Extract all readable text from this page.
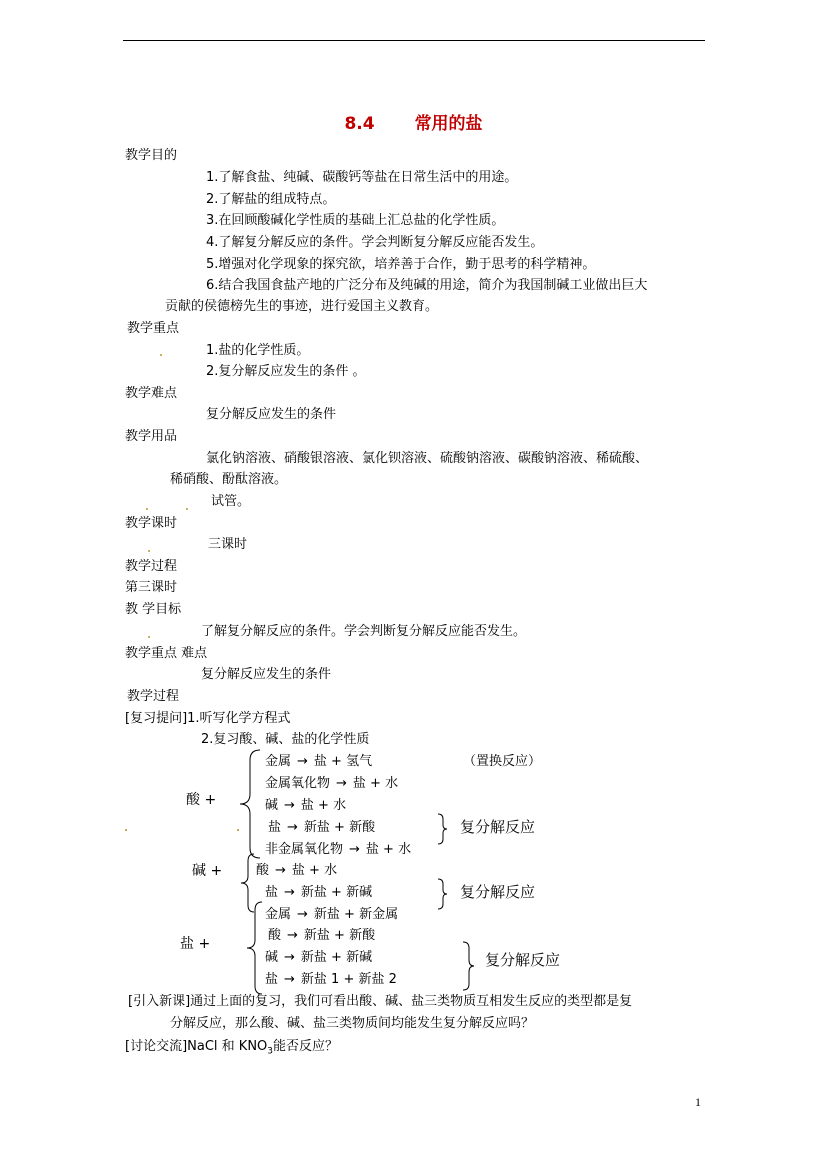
8.4 常用的盐
教学目的
1.了解食盐、纯碱、碳酸钙等盐在日常生活中的用途。
2.了解盐的组成特点。
3.在回顾酸碱化学性质的基础上汇总盐的化学性质。
4.了解复分解反应的条件。学会判断复分解反应能否发生。
5.增强对化学现象的探究欲，培养善于合作，勤于思考的科学精神。
6.结合我国食盐产地的广泛分布及纯碱的用途，简介为我国制碱工业做出巨大
贡献的侯德榜先生的事迹，进行爱国主义教育。
教学重点
1.盐的化学性质。
2.复分解反应发生的条件 。
教学难点
复分解反应发生的条件
教学用品
氯化钠溶液、硝酸银溶液、氯化钡溶液、硫酸钠溶液、碳酸钠溶液、稀硫酸、
稀硝酸、酚酞溶液。
试管。
教学课时
三课时
教学过程
第三课时
教 学目标
了解复分解反应的条件。学会判断复分解反应能否发生。
教学重点 难点
复分解反应发生的条件
教学过程
[复习提问]1.听写化学方程式
2.复习酸、碱、盐的化学性质
酸 +
碱 +
盐 +
金属 → 盐 + 氢气	（置换反应）
金属氧化物 → 盐 + 水
碱 → 盐 + 水
盐 → 新盐 + 新酸	复分解反应
非金属氧化物 → 盐 + 水
酸 → 盐 + 水
盐 → 新盐 + 新碱	复分解反应
金属 → 新盐 + 新金属
酸 → 新盐 + 新酸
碱 → 新盐 + 新碱
盐 → 新盐 1 + 新盐 2
复分解反应
[引入新课]通过上面的复习，我们可看出酸、碱、盐三类物质互相发生反应的类型都是复
分解反应，那么酸、碱、盐三类物质间均能发生复分解反应吗？
[讨论交流]NaCl 和 $KNO_3$能否反应？
1
